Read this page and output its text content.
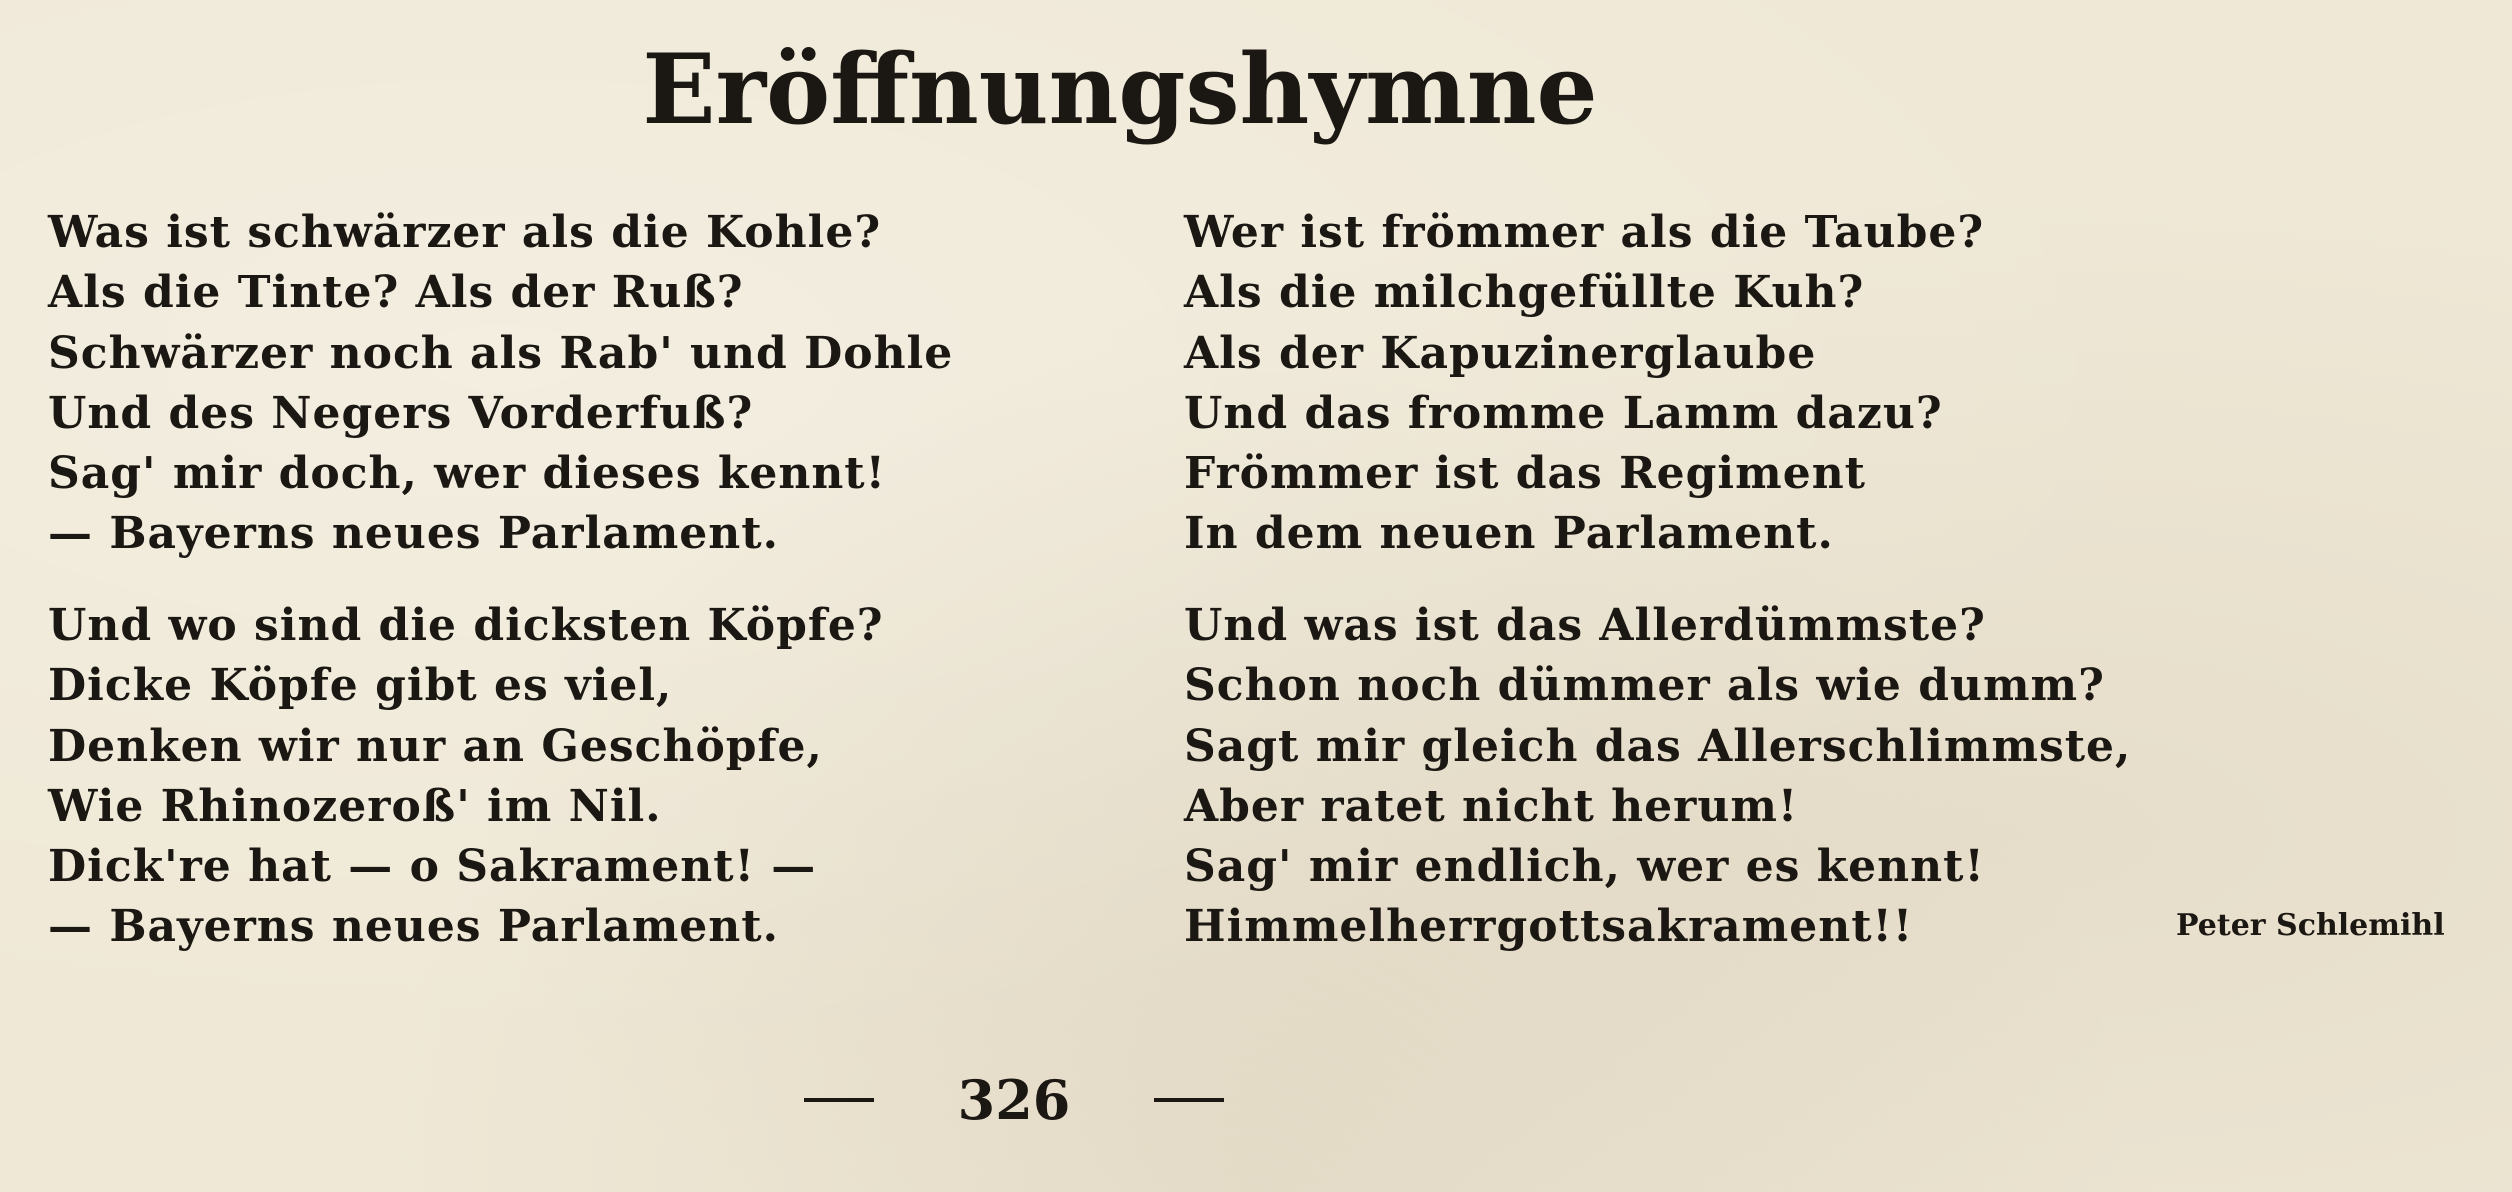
Eröffnungshymne
Was ist schwärzer als die Kohle?
Als die Tinte? Als der Ruß?
Schwärzer noch als Rab' und Dohle
Und des Negers Vorderfuß?
Sag' mir doch, wer dieses kennt!
— Bayerns neues Parlament.
Und wo sind die dicksten Köpfe?
Dicke Köpfe gibt es viel,
Denken wir nur an Geschöpfe,
Wie Rhinozeroß' im Nil.
Dick're hat — o Sakrament! —
— Bayerns neues Parlament.
Wer ist frömmer als die Taube?
Als die milchgefüllte Kuh?
Als der Kapuzinerglaube
Und das fromme Lamm dazu?
Frömmer ist das Regiment
In dem neuen Parlament.
Und was ist das Allerdümmste?
Schon noch dümmer als wie dumm?
Sagt mir gleich das Allerschlimmste,
Aber ratet nicht herum!
Sag' mir endlich, wer es kennt!
Himmelherrgottsakrament!!	Peter Schlemihl
326
